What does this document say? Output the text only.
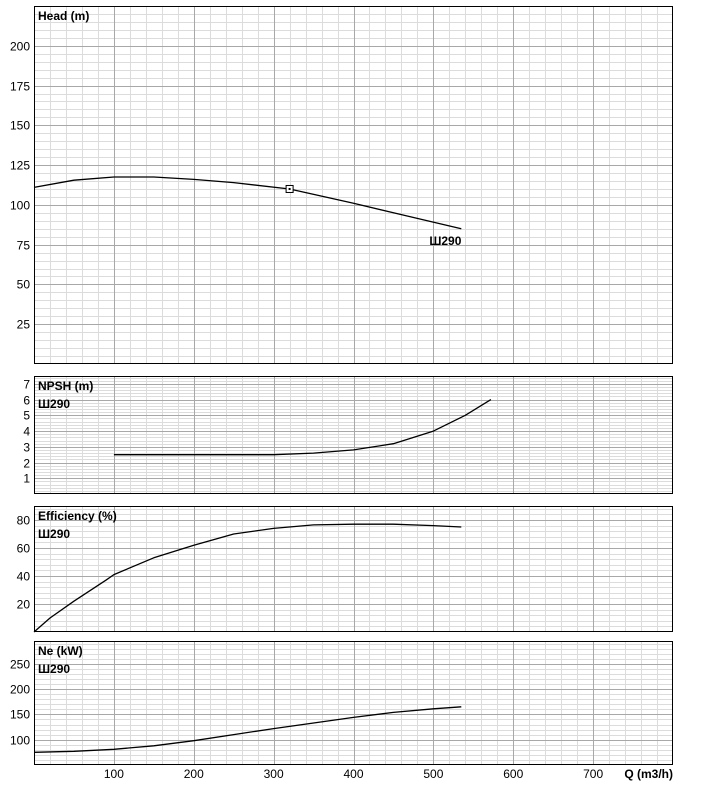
25
50
75
100
125
150
175
200
Head (m)
Ш290
1
2
3
4
5
6
7 NPSH (m)
Ш290
20
40
60
80 Efficiency (%)
Ш290
100
150
200
250
Ne (kW)
Ш290
100	200	300	400	500	600	700 Q (m3/h)
